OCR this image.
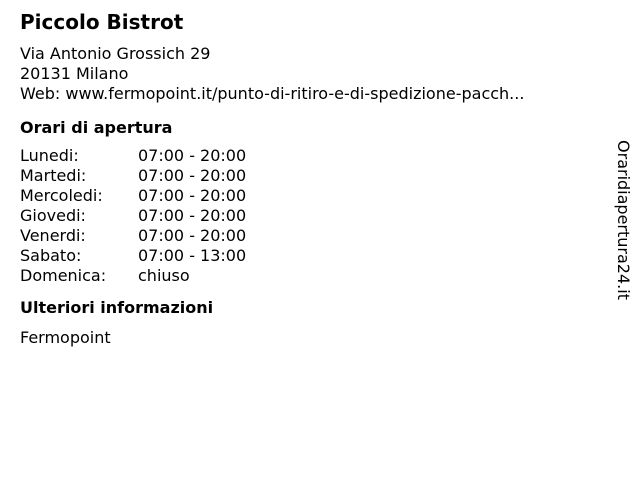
Piccolo Bistrot
Via Antonio Grossich 29
20131 Milano
Web: www.fermopoint.it/punto-di-ritiro-e-di-spedizione-pacch...
Orari di apertura
Lunedi:	07:00 - 20:00
Martedi:	07:00 - 20:00
Mercoledi:	07:00 - 20:00
Giovedi:	07:00 - 20:00
Venerdi:	07:00 - 20:00
Sabato:	07:00 - 13:00
Domenica:	chiuso
Ulteriori informazioni
Fermopoint
Oraridiapertura24.it
